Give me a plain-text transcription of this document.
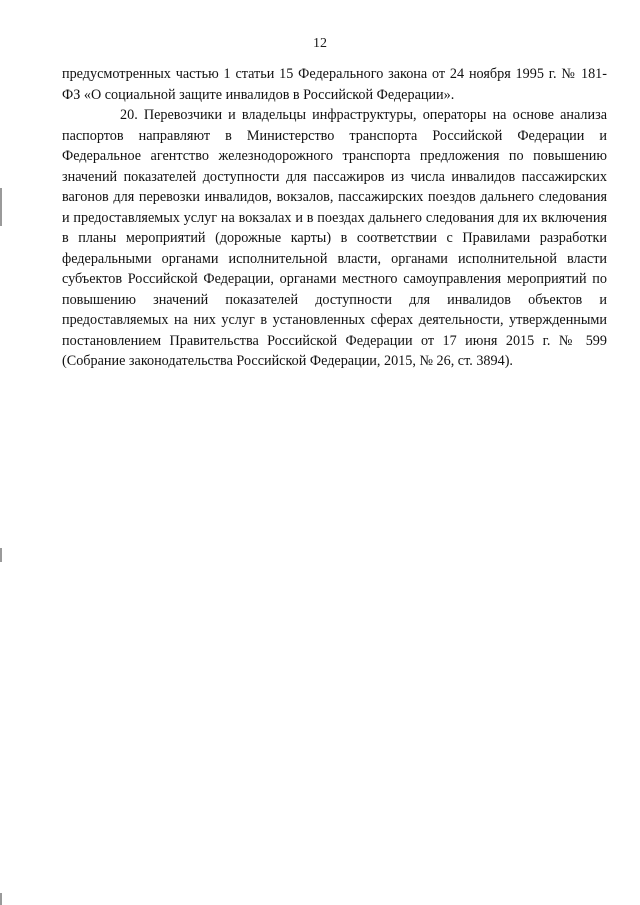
12

предусмотренных частью 1 статьи 15 Федерального закона от 24 ноября 1995 г. № 181-ФЗ «О социальной защите инвалидов в Российской Федерации».

20. Перевозчики и владельцы инфраструктуры, операторы на основе анализа паспортов направляют в Министерство транспорта Российской Федерации и Федеральное агентство железнодорожного транспорта предложения по повышению значений показателей доступности для пассажиров из числа инвалидов пассажирских вагонов для перевозки инвалидов, вокзалов, пассажирских поездов дальнего следования и предоставляемых услуг на вокзалах и в поездах дальнего следования для их включения в планы мероприятий (дорожные карты) в соответствии с Правилами разработки федеральными органами исполнительной власти, органами исполнительной власти субъектов Российской Федерации, органами местного самоуправления мероприятий по повышению значений показателей доступности для инвалидов объектов и предоставляемых на них услуг в установленных сферах деятельности, утвержденными постановлением Правительства Российской Федерации от 17 июня 2015 г. № 599 (Собрание законодательства Российской Федерации, 2015, № 26, ст. 3894).
